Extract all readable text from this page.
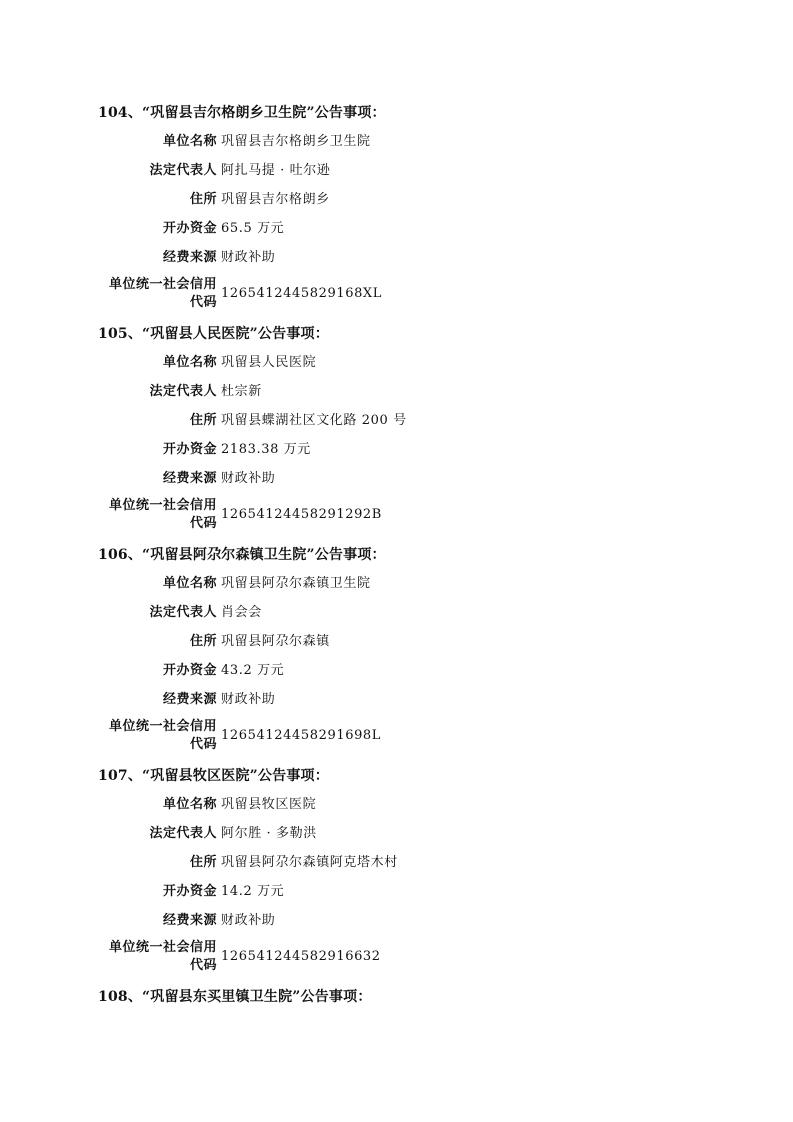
104、“巩留县吉尔格朗乡卫生院”公告事项：
单位名称 巩留县吉尔格朗乡卫生院
法定代表人 阿扎马提 · 吐尔逊
住所 巩留县吉尔格朗乡
开办资金 65.5 万元
经费来源 财政补助
单位统一社会信用
代码
1265412445829168XL
105、“巩留县人民医院”公告事项：
单位名称 巩留县人民医院
法定代表人 杜宗新
住所 巩留县蝶湖社区文化路 200 号
开办资金 2183.38 万元
经费来源 财政补助
单位统一社会信用
代码
12654124458291292B
106、“巩留县阿尕尔森镇卫生院”公告事项：
单位名称 巩留县阿尕尔森镇卫生院
法定代表人 肖会会
住所 巩留县阿尕尔森镇
开办资金 43.2 万元
经费来源 财政补助
单位统一社会信用
代码
12654124458291698L
107、“巩留县牧区医院”公告事项：
单位名称 巩留县牧区医院
法定代表人 阿尔胜 · 多勒洪
住所 巩留县阿尕尔森镇阿克塔木村
开办资金 14.2 万元
经费来源 财政补助
单位统一社会信用
代码
126541244582916632
108、“巩留县东买里镇卫生院”公告事项：
